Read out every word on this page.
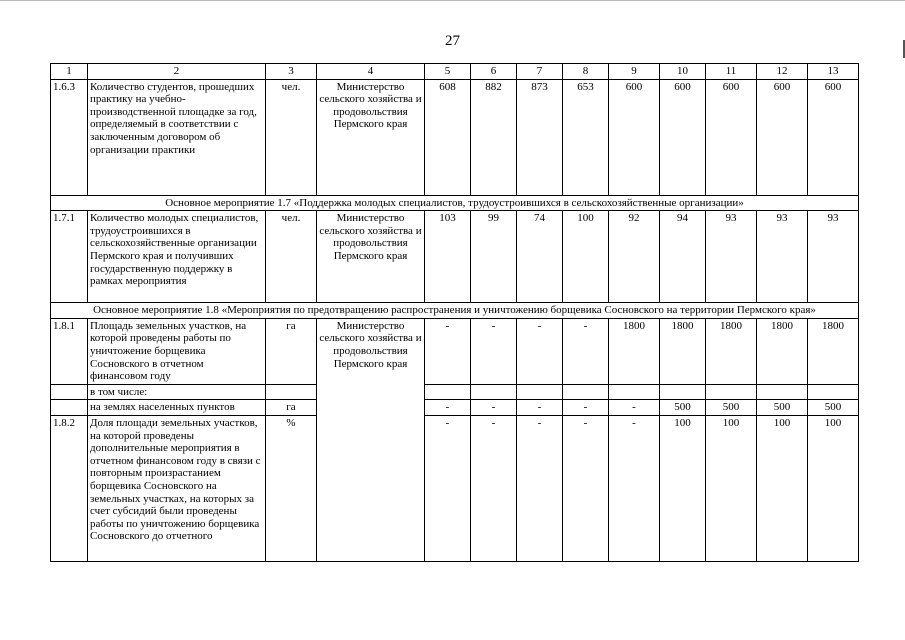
27
1	2	3	4	5	6	7	8	9	10	11	12	13
1.6.3	Количество студентов, прошедших практику на учебно-производственной площадке за год, определяемый в соответствии с заключенным договором об организации практики	чел.	Министерство сельского хозяйства и продовольствия Пермского края	608	882	873	653	600	600	600	600	600
Основное мероприятие 1.7 «Поддержка молодых специалистов, трудоустроившихся в сельскохозяйственные организации»												
1.7.1	Количество молодых специалистов, трудоустроившихся в сельскохозяйственные организации Пермского края и получивших государственную поддержку в рамках мероприятия	чел.	Министерство сельского хозяйства и продовольствия Пермского края	103	99	74	100	92	94	93	93	93
Основное мероприятие 1.8 «Мероприятия по предотвращению распространения и уничтожению борщевика Сосновского на территории Пермского края»												
1.8.1	Площадь земельных участков, на которой проведены работы по уничтожение борщевика Сосновского в отчетном финансовом году	га	Министерство сельского хозяйства и продовольствия Пермского края	-	-	-	-	1800	1800	1800	1800	1800
	в том числе:											
	на землях населенных пунктов	га		-	-	-	-	-	500	500	500	500
1.8.2	Доля площади земельных участков, на которой проведены дополнительные мероприятия в отчетном финансовом году в связи с повторным произрастанием борщевика Сосновского на земельных участках, на которых за счет субсидий были проведены работы по уничтожению борщевика Сосновского до отчетного	%		-	-	-	-	-	100	100	100	100
